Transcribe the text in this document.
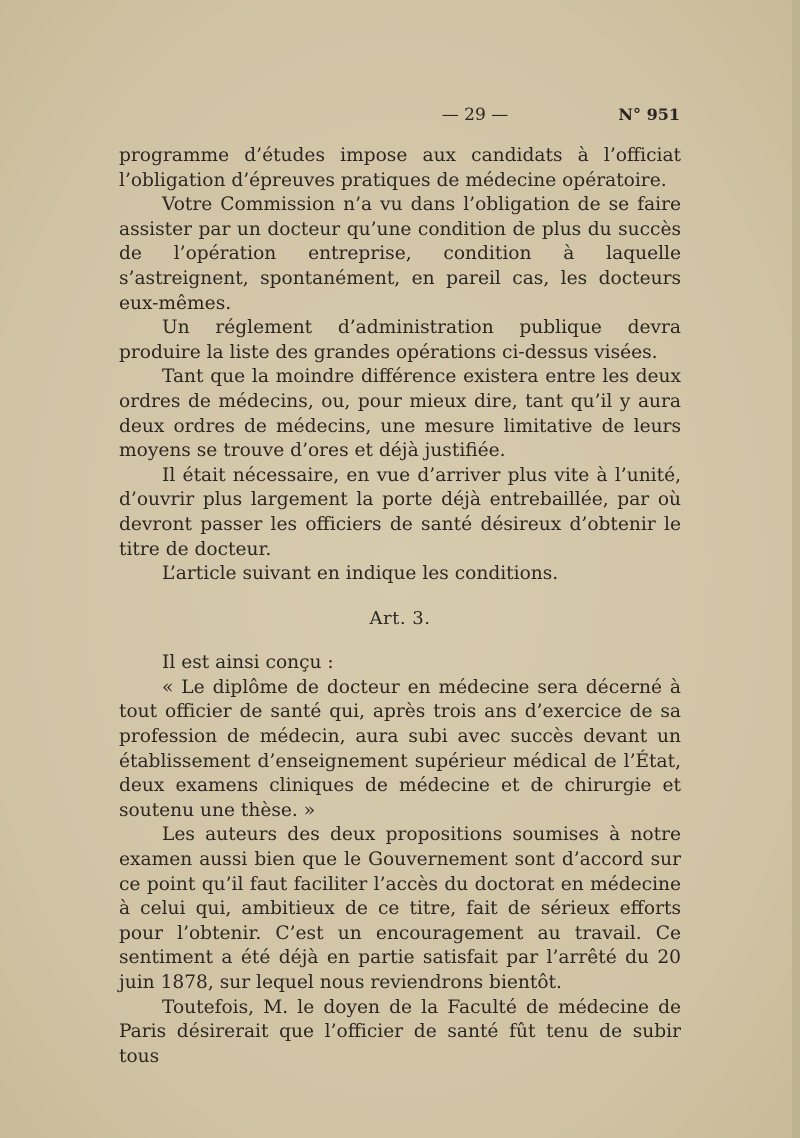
— 29 —	N° 951

programme d’études impose aux candidats à l’officiat l’obligation d’épreuves pratiques de médecine opératoire.

Votre Commission n’a vu dans l’obligation de se faire assister par un docteur qu’une condition de plus du succès de l’opération entreprise, condition à laquelle s’astreignent, spontanément, en pareil cas, les docteurs eux-mêmes.

Un réglement d’administration publique devra produire la liste des grandes opérations ci-dessus visées.

Tant que la moindre différence existera entre les deux ordres de médecins, ou, pour mieux dire, tant qu’il y aura deux ordres de médecins, une mesure limitative de leurs moyens se trouve d’ores et déjà justifiée.

Il était nécessaire, en vue d’arriver plus vite à l’unité, d’ouvrir plus largement la porte déjà entrebaillée, par où devront passer les officiers de santé désireux d’obtenir le titre de docteur.

L’article suivant en indique les conditions.

Art. 3.

Il est ainsi conçu :

« Le diplôme de docteur en médecine sera décerné à tout officier de santé qui, après trois ans d’exercice de sa profession de médecin, aura subi avec succès devant un établissement d’enseignement supérieur médical de l’État, deux examens cliniques de médecine et de chirurgie et soutenu une thèse. »

Les auteurs des deux propositions soumises à notre examen aussi bien que le Gouvernement sont d’accord sur ce point qu’il faut faciliter l’accès du doctorat en médecine à celui qui, ambitieux de ce titre, fait de sérieux efforts pour l’obtenir. C’est un encouragement au travail. Ce sentiment a été déjà en partie satisfait par l’arrêté du 20 juin 1878, sur lequel nous reviendrons bientôt.

Toutefois, M. le doyen de la Faculté de médecine de Paris désirerait que l’officier de santé fût tenu de subir tous
